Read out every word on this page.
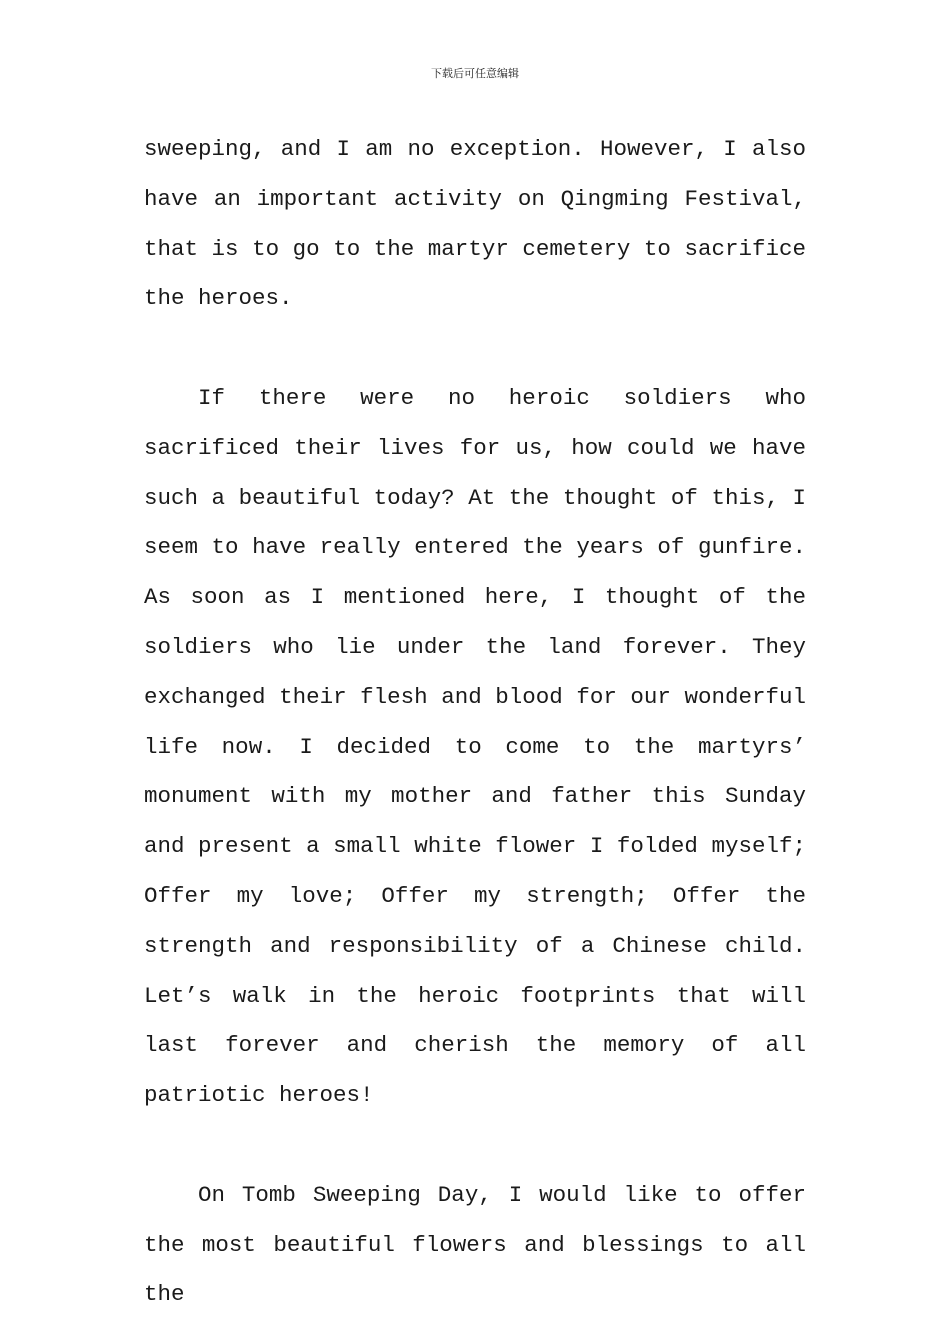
下载后可任意编辑

sweeping, and I am no exception. However, I also have an important activity on Qingming Festival, that is to go to the martyr cemetery to sacrifice the heroes.

If there were no heroic soldiers who sacrificed their lives for us, how could we have such a beautiful today? At the thought of this, I seem to have really entered the years of gunfire. As soon as I mentioned here, I thought of the soldiers who lie under the land forever. They exchanged their flesh and blood for our wonderful life now. I decided to come to the martyrs’ monument with my mother and father this Sunday and present a small white flower I folded myself; Offer my love; Offer my strength; Offer the strength and responsibility of a Chinese child. Let’s walk in the heroic footprints that will last forever and cherish the memory of all patriotic heroes!

On Tomb Sweeping Day, I would like to offer the most beautiful flowers and blessings to all the
